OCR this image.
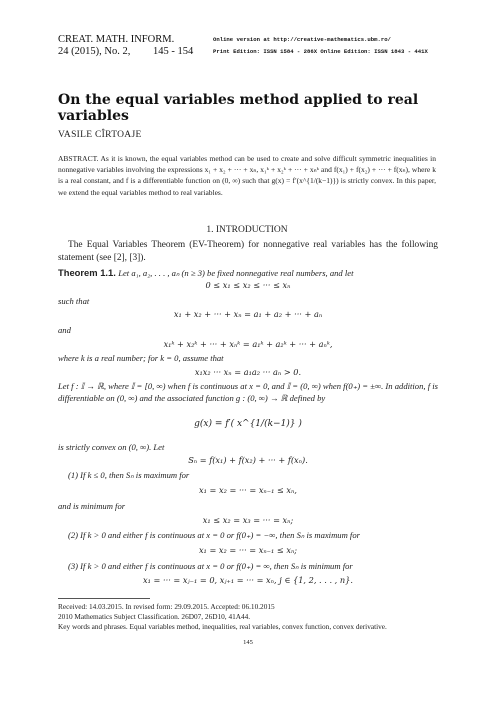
CREAT. MATH. INFORM.
24 (2015), No. 2, 145 - 154
Online version at http://creative-mathematics.ubm.ro/
Print Edition: ISSN 1584 - 286X Online Edition: ISSN 1843 - 441X
On the equal variables method applied to real variables
VASILE CÎRTOAJE
ABSTRACT. As it is known, the equal variables method can be used to create and solve difficult symmetric inequalities in nonnegative variables involving the expressions x₁ + x₂ + ··· + xₙ, x₁ᵏ + x₂ᵏ + ··· + xₙᵏ and f(x₁) + f(x₂) + ··· + f(xₙ), where k is a real constant, and f is a differentiable function on (0, ∞) such that g(x) = f′(x^{1/(k−1)}) is strictly convex. In this paper, we extend the equal variables method to real variables.
1. INTRODUCTION
The Equal Variables Theorem (EV-Theorem) for nonnegative real variables has the following statement (see [2], [3]).
Theorem 1.1. Let a₁, a₂, . . . , aₙ (n ≥ 3) be fixed nonnegative real numbers, and let
0 ≤ x₁ ≤ x₂ ≤ ··· ≤ xₙ
such that
x₁ + x₂ + ··· + xₙ = a₁ + a₂ + ··· + aₙ
and
x₁ᵏ + x₂ᵏ + ··· + xₙᵏ = a₁ᵏ + a₂ᵏ + ··· + aₙᵏ,
where k is a real number; for k = 0, assume that
x₁x₂ ··· xₙ = a₁a₂ ··· aₙ > 0.
Let f : 𝕀 → ℝ, where 𝕀 = [0, ∞) when f is continuous at x = 0, and 𝕀 = (0, ∞) when f(0₊) = ±∞. In addition, f is differentiable on (0, ∞) and the associated function g : (0, ∞) → ℝ defined by
g(x) = f′( x^{1/(k−1)} )
is strictly convex on (0, ∞). Let
Sₙ = f(x₁) + f(x₂) + ··· + f(xₙ).
(1) If k ≤ 0, then Sₙ is maximum for
x₁ = x₂ = ··· = xₙ₋₁ ≤ xₙ,
and is minimum for
x₁ ≤ x₂ = x₃ = ··· = xₙ;
(2) If k > 0 and either f is continuous at x = 0 or f(0₊) = −∞, then Sₙ is maximum for
x₁ = x₂ = ··· = xₙ₋₁ ≤ xₙ;
(3) If k > 0 and either f is continuous at x = 0 or f(0₊) = ∞, then Sₙ is minimum for
x₁ = ··· = xⱼ₋₁ = 0, xⱼ₊₁ = ··· = xₙ, j ∈ {1, 2, . . . , n}.
Received: 14.03.2015. In revised form: 29.09.2015. Accepted: 06.10.2015
2010 Mathematics Subject Classification. 26D07, 26D10, 41A44.
Key words and phrases. Equal variables method, inequalities, real variables, convex function, convex derivative.
145
